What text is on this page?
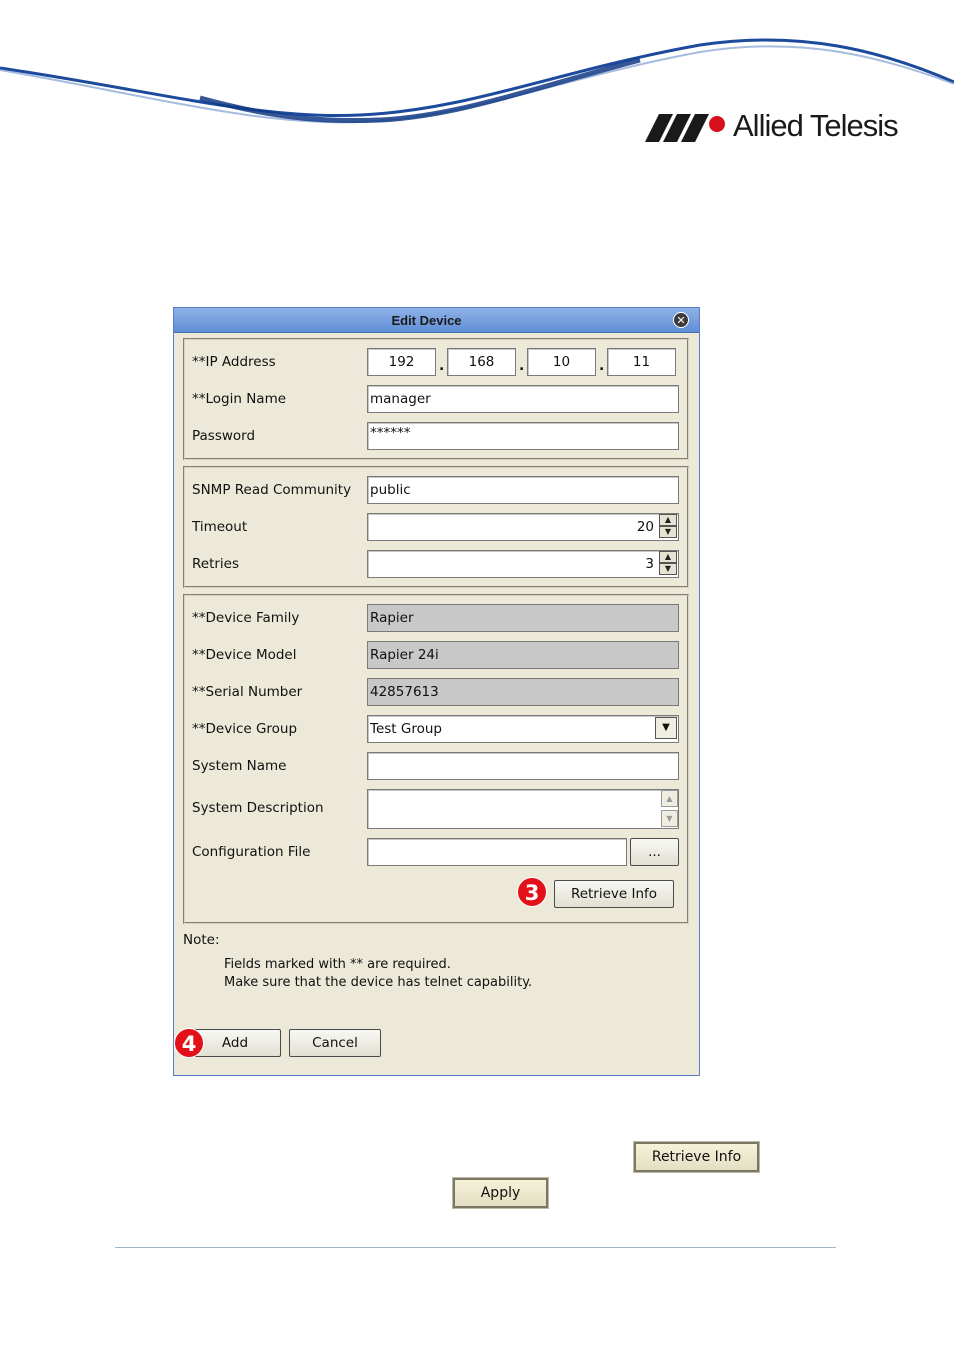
Allied Telesis
Edit Device	✕
**IP Address	192	.	168	.	10	.	11
**Login Name	manager
Password	******
SNMP Read Community public
Timeout	20	▲
▼
Retries	3	▲
▼
**Device Family	Rapier
**Device Model	Rapier 24i
**Serial Number	42857613
**Device Group	Test Group	▼
System Name
System Description
▲
▼
Configuration File	...
3	Retrieve Info
Note:
Fields marked with ** are required.
Make sure that the device has telnet capability.
Add
4	Cancel
Retrieve Info
Apply
